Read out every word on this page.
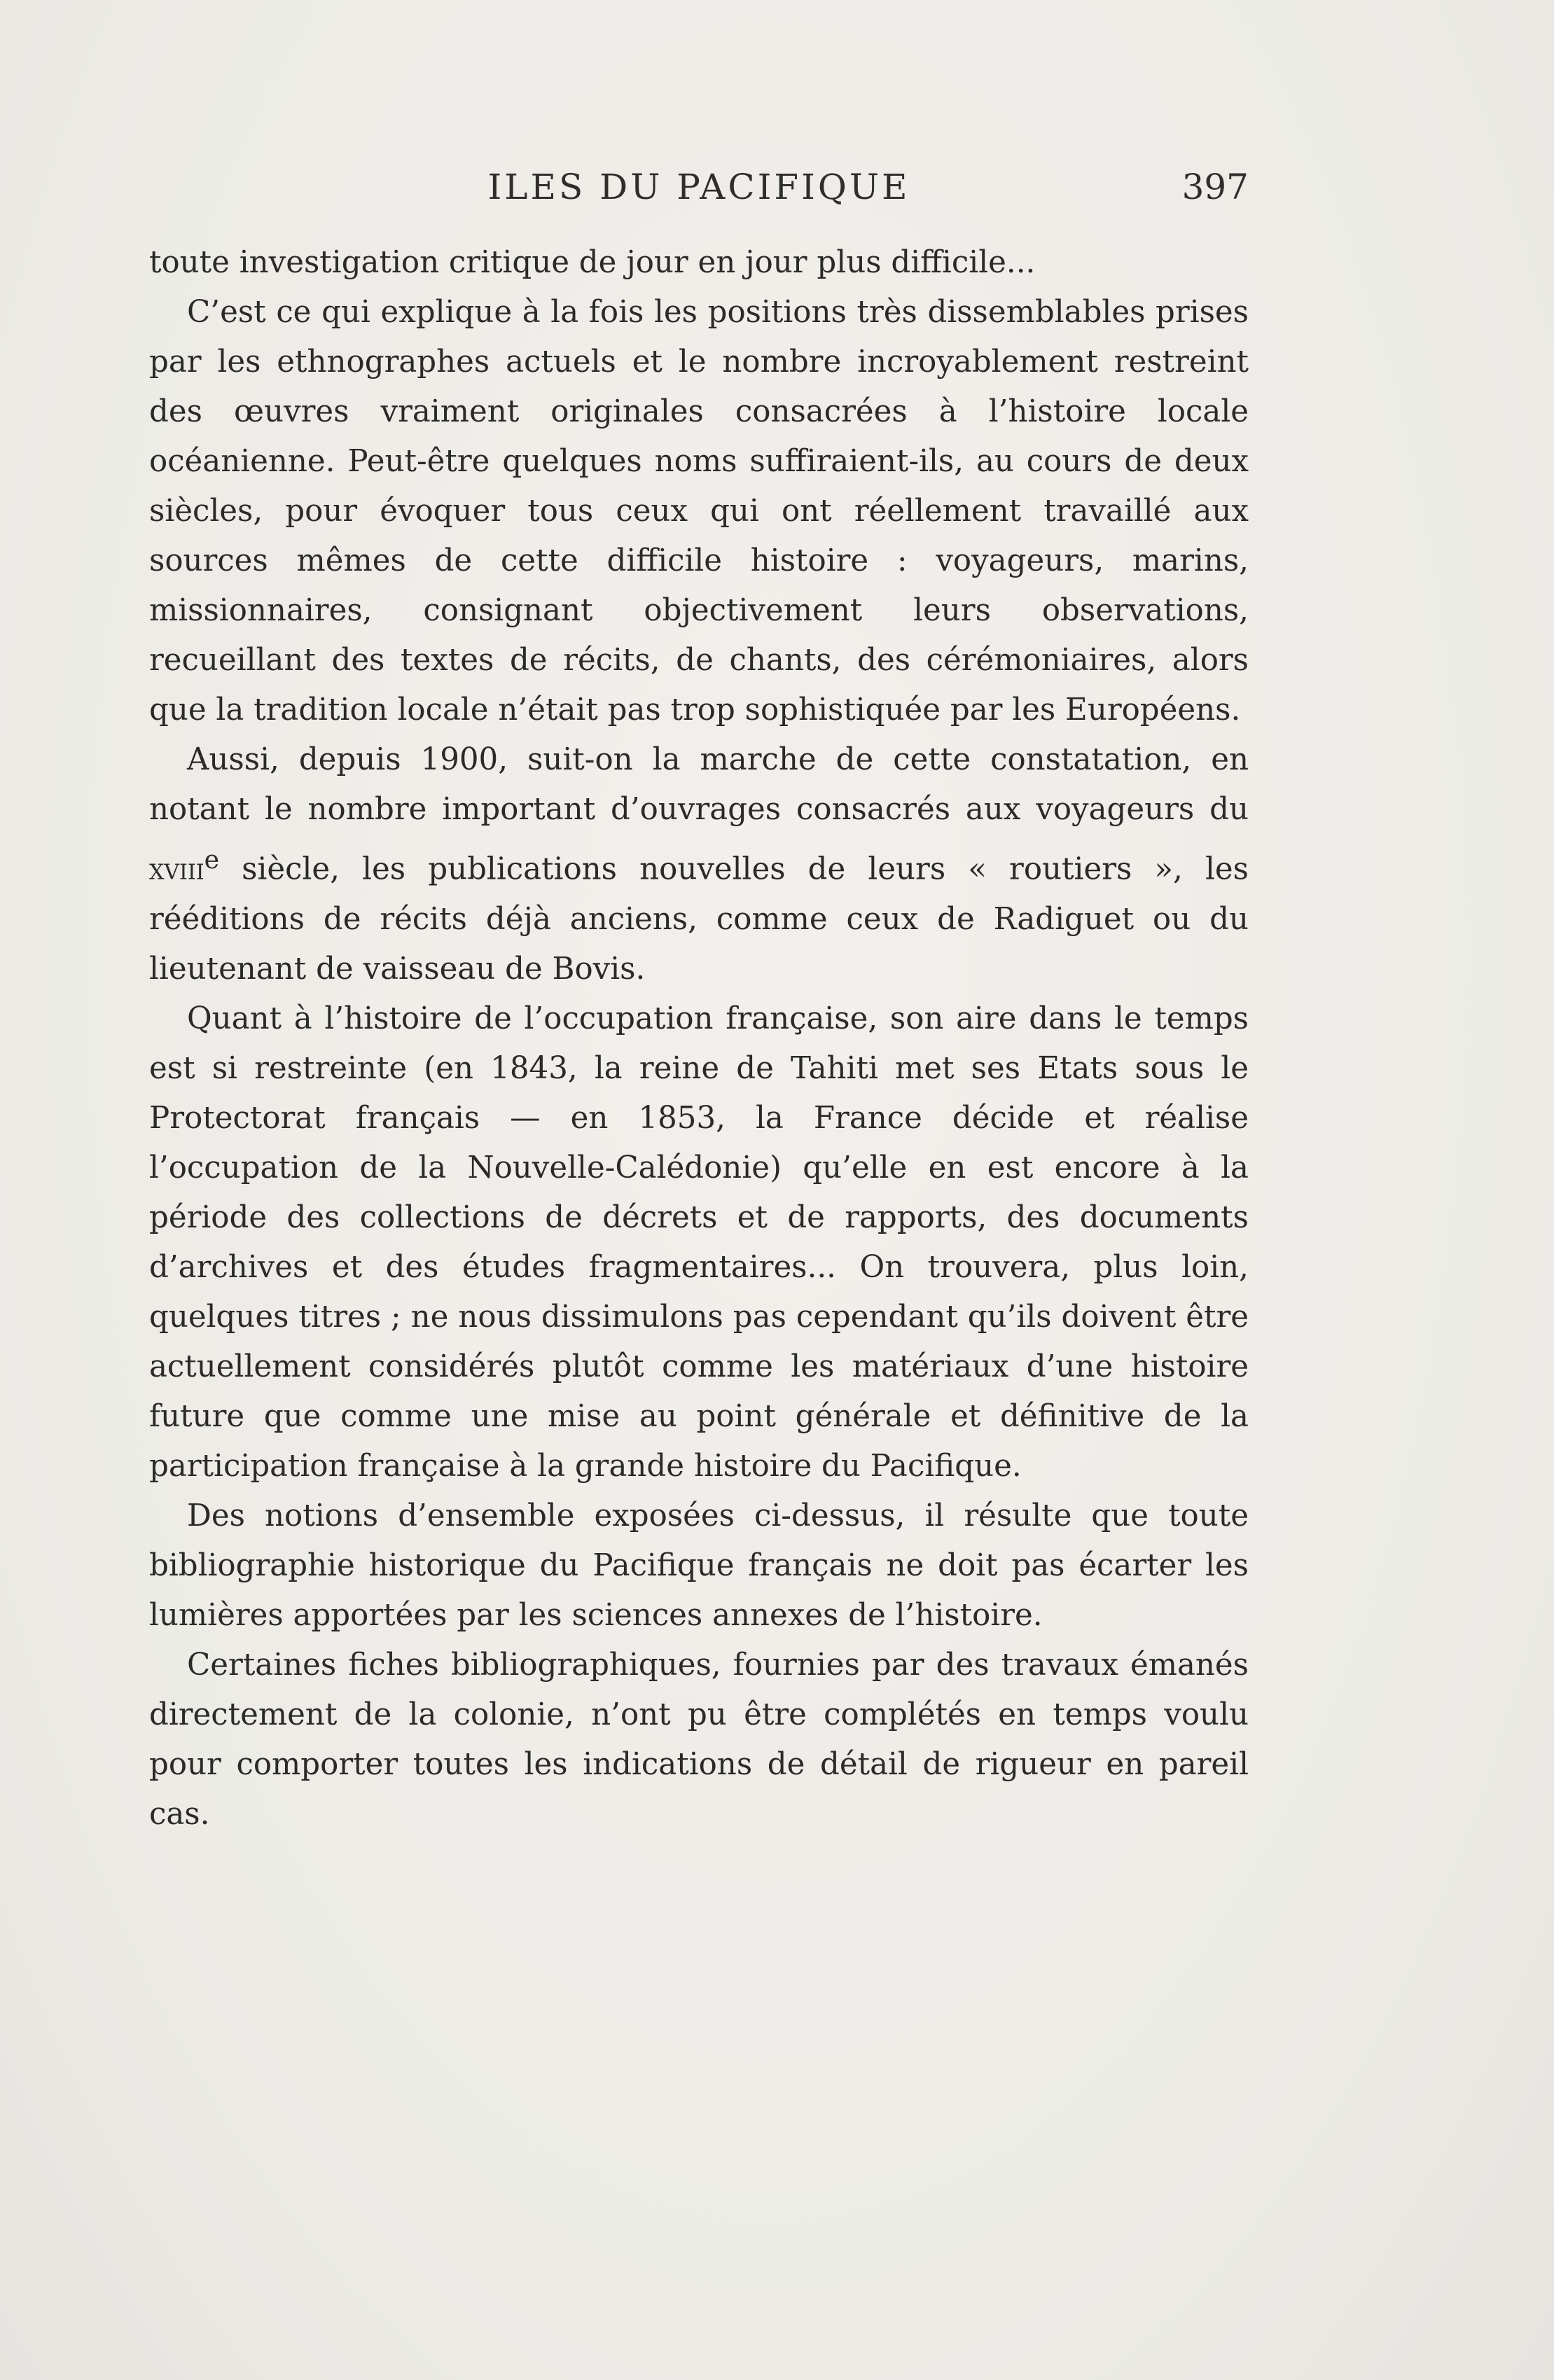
ILES DU PACIFIQUE	397

toute investigation critique de jour en jour plus difficile...

C’est ce qui explique à la fois les positions très dissemblables prises par les ethnographes actuels et le nombre incroyablement restreint des œuvres vraiment originales consacrées à l’histoire locale océanienne. Peut-être quelques noms suffiraient-ils, au cours de deux siècles, pour évoquer tous ceux qui ont réellement travaillé aux sources mêmes de cette difficile histoire : voyageurs, marins, missionnaires, consignant objectivement leurs observations, recueillant des textes de récits, de chants, des cérémoniaires, alors que la tradition locale n’était pas trop sophistiquée par les Européens.

Aussi, depuis 1900, suit-on la marche de cette constatation, en notant le nombre important d’ouvrages consacrés aux voyageurs du xviii$^e$ siècle, les publications nouvelles de leurs « routiers », les rééditions de récits déjà anciens, comme ceux de Radiguet ou du lieutenant de vaisseau de Bovis.

Quant à l’histoire de l’occupation française, son aire dans le temps est si restreinte (en 1843, la reine de Tahiti met ses Etats sous le Protectorat français — en 1853, la France décide et réalise l’occupation de la Nouvelle-Calédonie) qu’elle en est encore à la période des collections de décrets et de rapports, des documents d’archives et des études fragmentaires... On trouvera, plus loin, quelques titres ; ne nous dissimulons pas cependant qu’ils doivent être actuellement considérés plutôt comme les matériaux d’une histoire future que comme une mise au point générale et définitive de la participation française à la grande histoire du Pacifique.

Des notions d’ensemble exposées ci-dessus, il résulte que toute bibliographie historique du Pacifique français ne doit pas écarter les lumières apportées par les sciences annexes de l’histoire.

Certaines fiches bibliographiques, fournies par des travaux émanés directement de la colonie, n’ont pu être complétés en temps voulu pour comporter toutes les indications de détail de rigueur en pareil cas.
